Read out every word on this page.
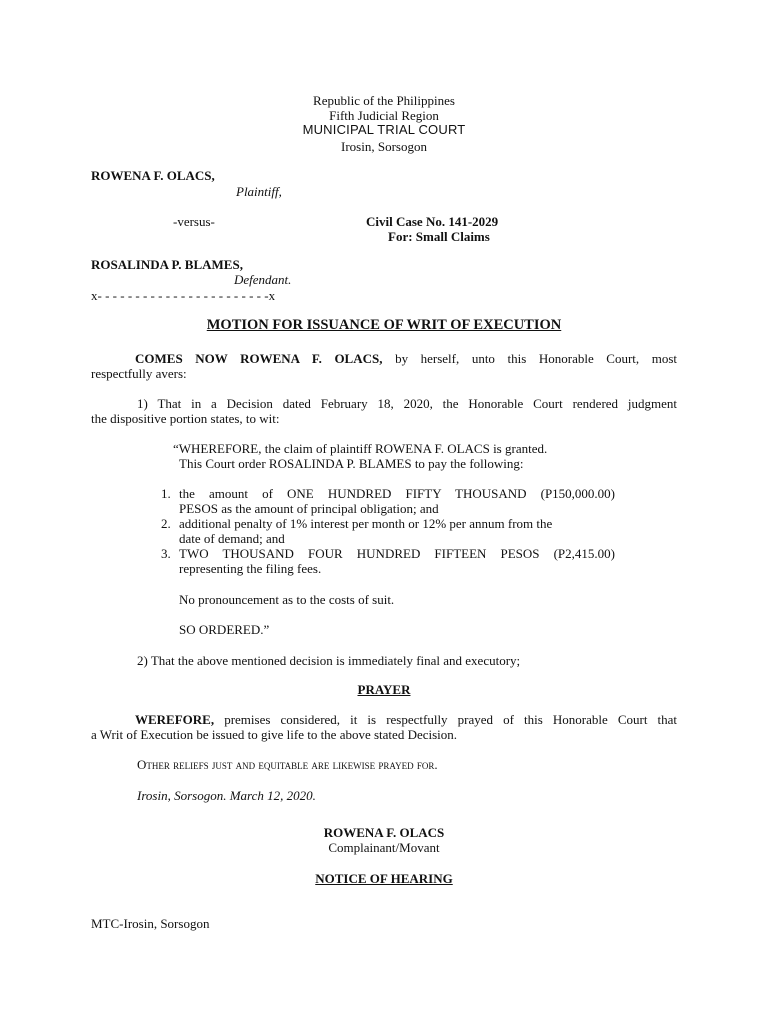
Republic of the Philippines
Fifth Judicial Region
MUNICIPAL TRIAL COURT
Irosin, Sorsogon
ROWENA F. OLACS,
Plaintiff,
-versus-	Civil Case No. 141-2029
For: Small Claims
ROSALINDA P. BLAMES,
Defendant.
x- - - - - - - - - - - - - - - - - - - - - - -x
MOTION FOR ISSUANCE OF WRIT OF EXECUTION
COMES NOW ROWENA F. OLACS, by herself, unto this Honorable Court, most
respectfully avers:
1) That in a Decision dated February 18, 2020, the Honorable Court rendered judgment
the dispositive portion states, to wit:
“WHEREFORE, the claim of plaintiff ROWENA F. OLACS is granted.
This Court order ROSALINDA P. BLAMES to pay the following:
1. the amount of ONE HUNDRED FIFTY THOUSAND (P150,000.00)
PESOS as the amount of principal obligation; and
2. additional penalty of 1% interest per month or 12% per annum from the
date of demand; and
3. TWO THOUSAND FOUR HUNDRED FIFTEEN PESOS (P2,415.00)
representing the filing fees.
No pronouncement as to the costs of suit.
SO ORDERED.”
2) That the above mentioned decision is immediately final and executory;
PRAYER
WEREFORE, premises considered, it is respectfully prayed of this Honorable Court that
a Writ of Execution be issued to give life to the above stated Decision.
Other reliefs just and equitable are likewise prayed for.
Irosin, Sorsogon. March 12, 2020.
ROWENA F. OLACS
Complainant/Movant
NOTICE OF HEARING
MTC-Irosin, Sorsogon
